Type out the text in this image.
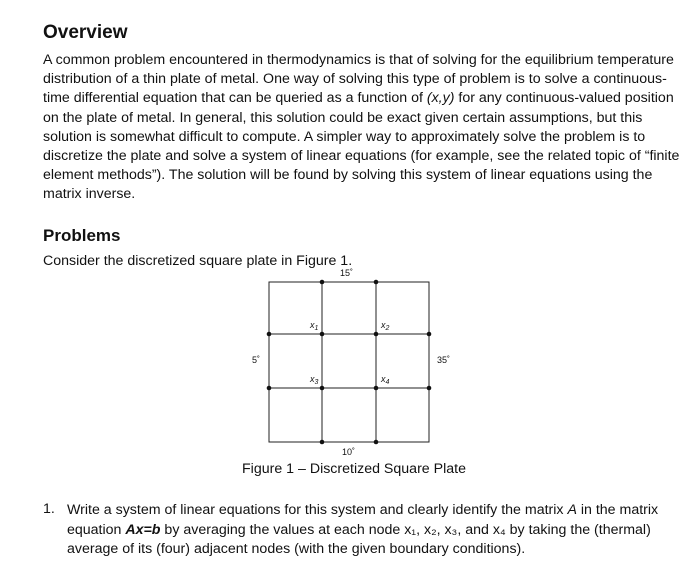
Overview

A common problem encountered in thermodynamics is that of solving for the equilibrium temperature distribution of a thin plate of metal. One way of solving this type of problem is to solve a continuous-time differential equation that can be queried as a function of (x,y) for any continuous-valued position on the plate of metal. In general, this solution could be exact given certain assumptions, but this solution is somewhat difficult to compute. A simpler way to approximately solve the problem is to discretize the plate and solve a system of linear equations (for example, see the related topic of “finite element methods”). The solution will be found by solving this system of linear equations using the matrix inverse.

Problems

Consider the discretized square plate in Figure 1.

15˚
5˚	35˚
10˚
$x_1$	$x_2$
$x_3$	$x_4$

Figure 1 – Discretized Square Plate

1. Write a system of linear equations for this system and clearly identify the matrix A in the matrix equation Ax=b by averaging the values at each node x₁, x₂, x₃, and x₄ by taking the (thermal) average of its (four) adjacent nodes (with the given boundary conditions).
